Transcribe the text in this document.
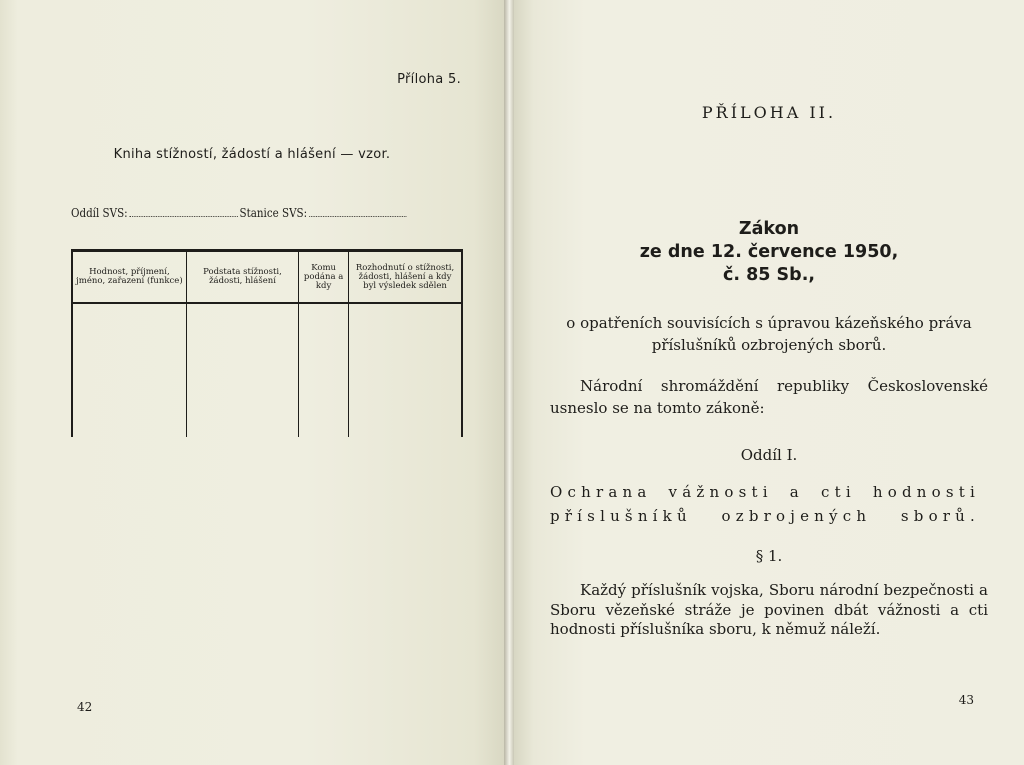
Příloha 5.

Kniha stížností, žádostí a hlášení — vzor.

Oddíl SVS:	Stanice SVS:
Hodnost, příjmení, jméno, zařazení (funkce)	Podstata stížnosti, žádosti, hlášení	Komu podána a kdy	Rozhodnutí o stížnosti, žádosti, hlášení a kdy byl výsledek sdělen

42

PŘÍLOHA II.
Zákon
ze dne 12. července 1950,
č. 85 Sb.,

o opatřeních souvisících s úpravou kázeňského práva příslušníků ozbrojených sborů.

Národní shromáždění republiky Československé usneslo se na tomto zákoně:

Oddíl I.

Ochrana vážnosti a cti hodnosti příslušníků ozbrojených sborů.

§ 1.

Každý příslušník vojska, Sboru národní bezpečnosti a Sboru vězeňské stráže je povinen dbát vážnosti a cti hodnosti příslušníka sboru, k němuž náleží.

43
